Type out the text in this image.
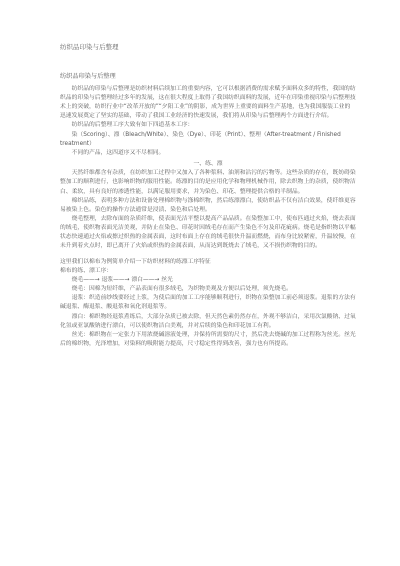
纺织品印染与后整理

纺织品印染与后整理

纺织品的印染与后整理是纺织材料后续加工的重要内容，它可以根据消费的需求赋予面料众多的特性，我国的纺织品的印染与后整理经过多年的发展，这在很大程度上取得了我国纺织面料的发展，近年在印染重视印染与后整理技术上的突破，纺织行业中“改革开放的”“夕阳工业”的阴影，成为世界上重要的面料生产基地，也为我国服装工业的迅速发展奠定了坚实的基础，带动了我国工业经济的快速发展，我们将从印染与后整理两个方面进行介绍。

纺织品的后整理工序大致有如下四道基本工序：

染（Scoring）、漂（Bleach/White）、染色（Dye）、印花（Print）、整理（After-treatment / Finished treatment）

不同的产品，这四道序又不尽相同。

一、练、漂

天然纤维都含有杂质，在纺织加工过程中又加入了各种浆料、油剂和沾污的污物等。这些杂质的存在，既妨碍染整加工的顺利进行，也影响织物的服用性能。练漂的目的是应用化学和物理机械作用，除去织物上的杂质，使织物洁白、柔软，具有良好的渗透性能，以满足服用要求，并为染色、印花、整理提供合格的半制品。

棉织品练，表明多种方法和设备处理棉织物与涤棉织物，然后练漂漂白，使纺织品不仅有洁白效果，使纤维更容易被染上色。染色的操作方法通常是浸渍、染色和后处理。

烧毛整理，去除布面的杂质纤维，使表面光洁平整以提高产品品质。在染整加工中，使布匹通过火焰，烧去表面的绒毛，使织物表面光洁美观，并防止在染色、印花时因绒毛存在而产生染色不匀及印花疵病。烧毛是指织物以平幅状态快速通过火焰或擦过炽热的金属表面，这时布面上存在的绒毛很快升温而燃烧，而布身比较紧密，升温较慢，在未升到着火点时，即已离开了火焰或炽热的金属表面，从而达到既烧去了绒毛，又不损伤织物的目的。

这里我们以棉布为例简单介绍一下纺织材料的练漂工序特征

棉布的练、漂工序：

烧毛——→ 退浆——→ 漂白——→ 丝光

烧毛：因棉为短纤维，产品表面有很多绒毛，为织物美观及方便以后处理，须先烧毛。

退浆：织造前纱线要经过上浆，为使后面的加工工序能够顺利进行，织物在染整加工前必须退浆。退浆的方法有碱退浆、酶退浆、酸退浆和氧化剂退浆等。

漂白：棉织物经退浆煮练后，大部分杂质已被去除，但天然色素仍然存在，外观不够洁白，采用次氯酸钠、过氧化氢或亚氯酸钠进行漂白，可以使织物洁白美观，并对后续的染色和印花加工有利。

丝光：棉织物在一定张力下用浓烧碱溶液处理，并保持所需要的尺寸，然后洗去烧碱的加工过程称为丝光。丝光后的棉织物，光泽增加，对染料的吸附能力提高，尺寸稳定性得到改善，强力也有所提高。
